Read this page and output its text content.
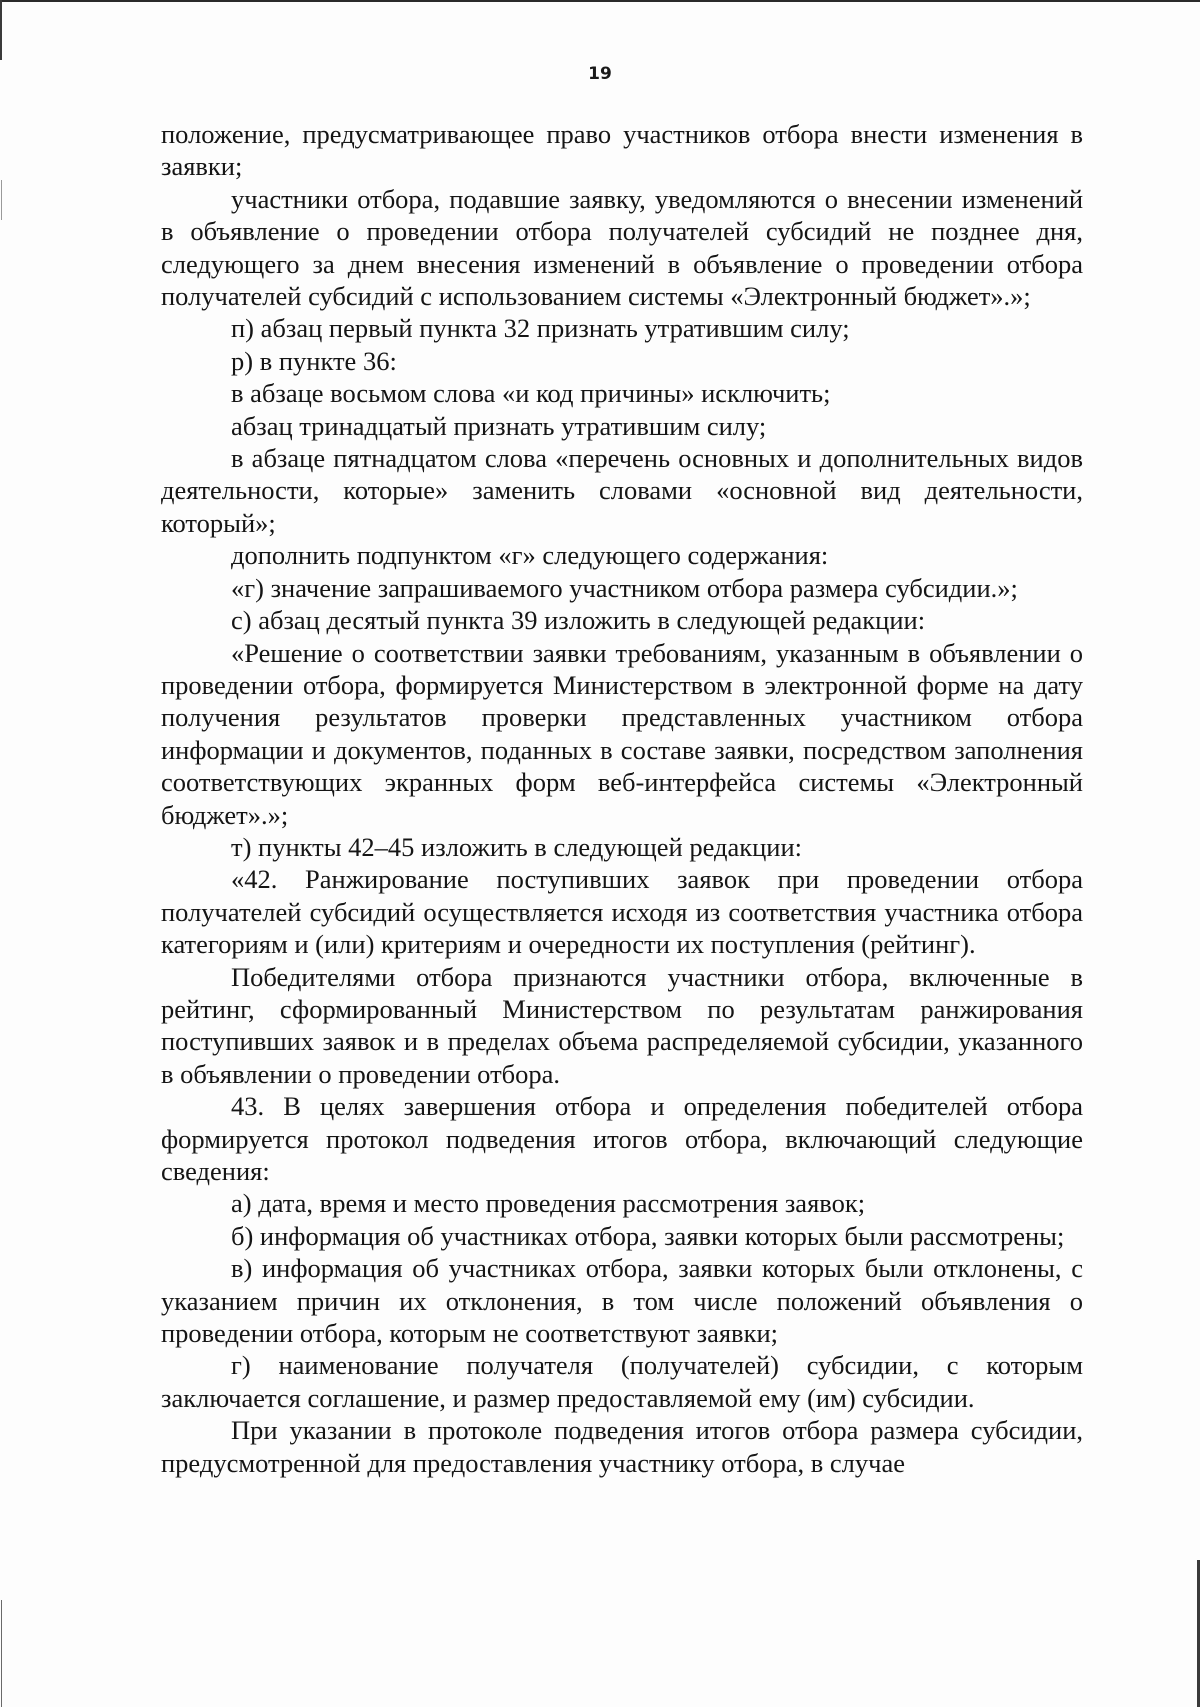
19

положение, предусматривающее право участников отбора внести изменения в заявки;

участники отбора, подавшие заявку, уведомляются о внесении изменений в объявление о проведении отбора получателей субсидий не позднее дня, следующего за днем внесения изменений в объявление о проведении отбора получателей субсидий с использованием системы «Электронный бюджет».»;

п) абзац первый пункта 32 признать утратившим силу;

р) в пункте 36:

в абзаце восьмом слова «и код причины» исключить;

абзац тринадцатый признать утратившим силу;

в абзаце пятнадцатом слова «перечень основных и дополнительных видов деятельности, которые» заменить словами «основной вид деятельности, который»;

дополнить подпунктом «г» следующего содержания:

«г) значение запрашиваемого участником отбора размера субсидии.»;

с) абзац десятый пункта 39 изложить в следующей редакции:

«Решение о соответствии заявки требованиям, указанным в объявлении о проведении отбора, формируется Министерством в электронной форме на дату получения результатов проверки представленных участником отбора информации и документов, поданных в составе заявки, посредством заполнения соответствующих экранных форм веб-интерфейса системы «Электронный бюджет».»;

т) пункты 42–45 изложить в следующей редакции:

«42. Ранжирование поступивших заявок при проведении отбора получателей субсидий осуществляется исходя из соответствия участника отбора категориям и (или) критериям и очередности их поступления (рейтинг).

Победителями отбора признаются участники отбора, включенные в рейтинг, сформированный Министерством по результатам ранжирования поступивших заявок и в пределах объема распределяемой субсидии, указанного в объявлении о проведении отбора.

43. В целях завершения отбора и определения победителей отбора формируется протокол подведения итогов отбора, включающий следующие сведения:

а) дата, время и место проведения рассмотрения заявок;

б) информация об участниках отбора, заявки которых были рассмотрены;

в) информация об участниках отбора, заявки которых были отклонены, с указанием причин их отклонения, в том числе положений объявления о проведении отбора, которым не соответствуют заявки;

г) наименование получателя (получателей) субсидии, с которым заключается соглашение, и размер предоставляемой ему (им) субсидии.

При указании в протоколе подведения итогов отбора размера субсидии, предусмотренной для предоставления участнику отбора, в случае
